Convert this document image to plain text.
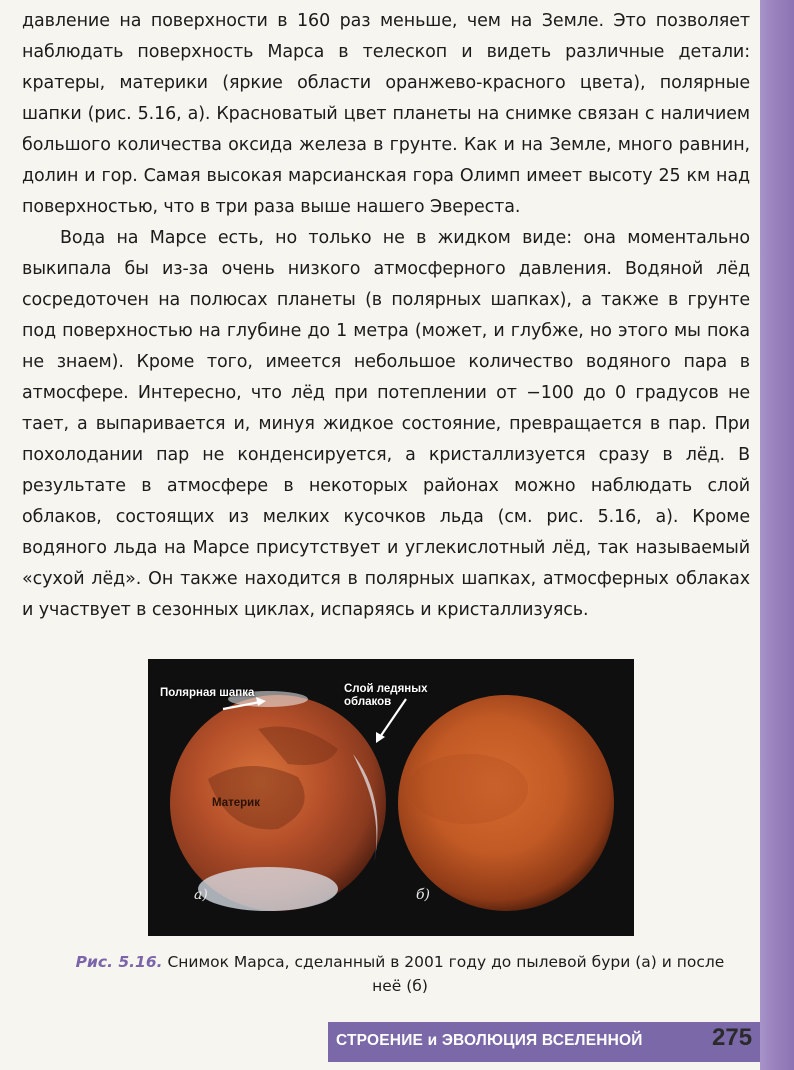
давление на поверхности в 160 раз меньше, чем на Земле. Это позволяет наблюдать поверхность Марса в телескоп и видеть различные детали: кратеры, материки (яркие области оранжево-красного цвета), полярные шапки (рис. 5.16, а). Красноватый цвет планеты на снимке связан с наличием большого количества оксида железа в грунте. Как и на Земле, много равнин, долин и гор. Самая высокая марсианская гора Олимп имеет высоту 25 км над поверхностью, что в три раза выше нашего Эвереста.

Вода на Марсе есть, но только не в жидком виде: она моментально выкипала бы из-за очень низкого атмосферного давления. Водяной лёд сосредоточен на полюсах планеты (в полярных шапках), а также в грунте под поверхностью на глубине до 1 метра (может, и глубже, но этого мы пока не знаем). Кроме того, имеется небольшое количество водяного пара в атмосфере. Интересно, что лёд при потеплении от −100 до 0 градусов не тает, а выпаривается и, минуя жидкое состояние, превращается в пар. При похолодании пар не конденсируется, а кристаллизуется сразу в лёд. В результате в атмосфере в некоторых районах можно наблюдать слой облаков, состоящих из мелких кусочков льда (см. рис. 5.16, а). Кроме водяного льда на Марсе присутствует и углекислотный лёд, так называемый «сухой лёд». Он также находится в полярных шапках, атмосферных облаках и участвует в сезонных циклах, испаряясь и кристаллизуясь.

Полярная шапка	Слой ледяных облаков
Материк
а)	б)
Рис. 5.16. Снимок Марса, сделанный в 2001 году до пылевой бури (а) и после неё (б)
СТРОЕНИЕ и ЭВОЛЮЦИЯ ВСЕЛЕННОЙ	275
